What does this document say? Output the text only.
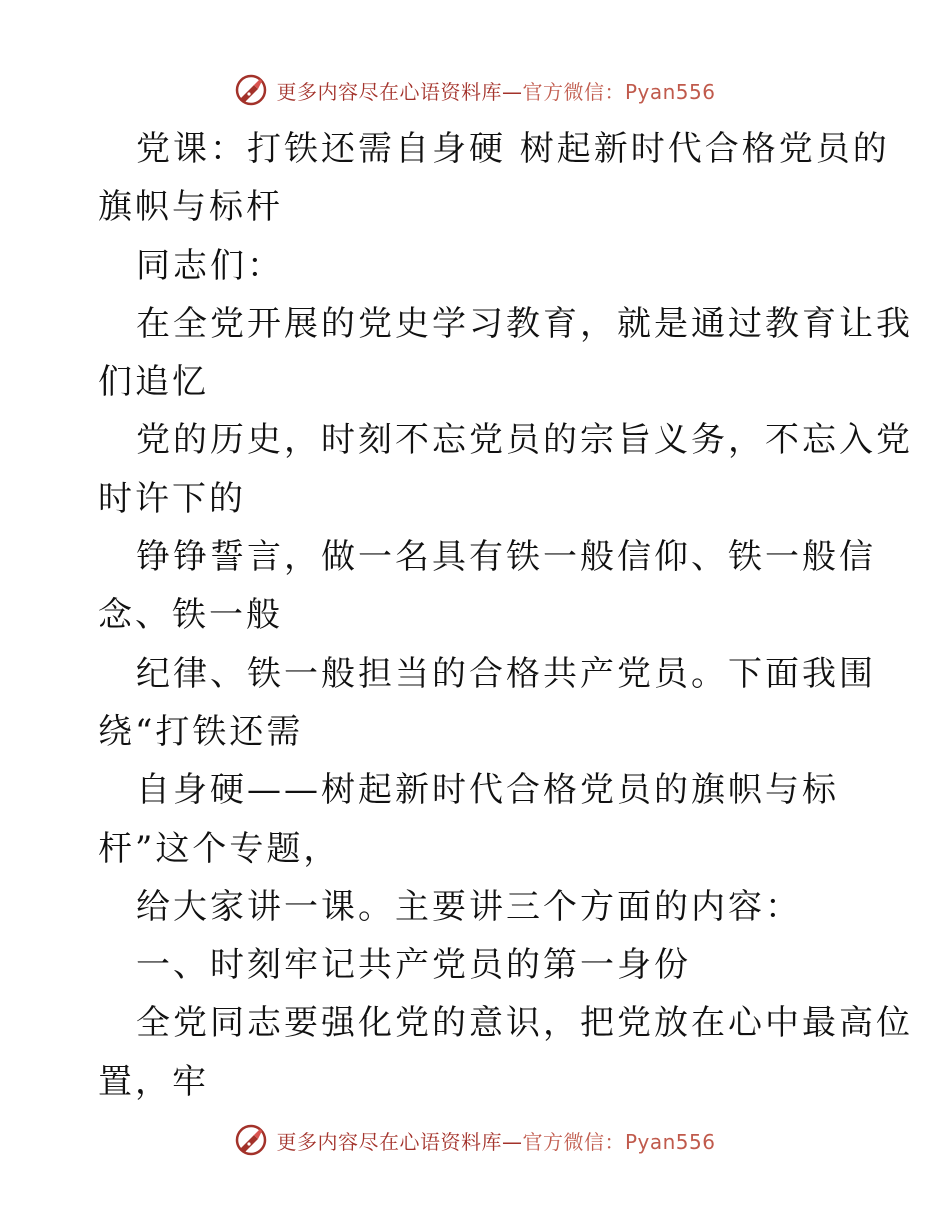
更多内容尽在心语资料库—官方微信：Pyan556
党课：打铁还需自身硬 树起新时代合格党员的
旗帜与标杆
同志们：
在全党开展的党史学习教育，就是通过教育让我
们追忆
党的历史，时刻不忘党员的宗旨义务，不忘入党
时许下的
铮铮誓言，做一名具有铁一般信仰、铁一般信
念、铁一般
纪律、铁一般担当的合格共产党员。下面我围
绕“打铁还需
自身硬——树起新时代合格党员的旗帜与标
杆”这个专题，
给大家讲一课。主要讲三个方面的内容：
一、时刻牢记共产党员的第一身份
全党同志要强化党的意识，把党放在心中最高位
置，牢
更多内容尽在心语资料库—官方微信：Pyan556
